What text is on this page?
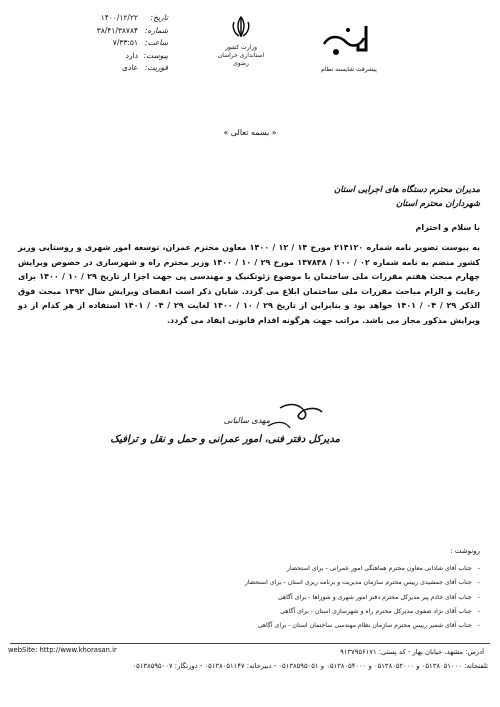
تاریخ:
۱۴۰۰/۱۲/۲۲
شماره:
۳۸/۴۱/۳۸۷۸۴
ساعت:
۷/۳۳:۵۱
پیوست:
دارد
فوریت:
عادی
وزارت کشور
استانداری خراسان رضوی
پیشرفت شایسته نظام
« بسمه تعالی »
مدیران محترم دستگاه های اجرایی استان
شهرداران محترم استان
با سلام و احترام
به پیوست تصویر نامه شماره ۲۱۴۱۲۰ مورخ ۱۴ / ۱۲ / ۱۴۰۰ معاون محترم عمران، توسعه امور شهری و روستایی وزیر کشور منضم به نامه شماره ۰۲ / ۱۰۰ / ۱۴۷۸۳۸ مورخ ۲۹ / ۱۰ / ۱۴۰۰ وزیر محترم راه و شهرسازی در خصوص ویرایش چهارم مبحث هفتم مقررات ملی ساختمان با موضوع ژئوتکنیک و مهندسی پی جهت اجرا از تاریخ ۲۹ / ۱۰ / ۱۴۰۰ برای رعایت و الزام مباحث مقررات ملی ساختمان ابلاغ می گردد. شایان ذکر است انقضای ویرایش سال ۱۳۹۲ مبحث فوق الذکر ۲۹ / ۰۴ / ۱۴۰۱ خواهد بود و بنابراین از تاریخ ۲۹ / ۱۰ / ۱۴۰۰ لغایت ۲۹ / ۰۴ / ۱۴۰۱ استفاده از هر کدام از دو ویرایش مذکور مجاز می باشد. مراتب جهت هرگونه اقدام قانونی ایفاد می گردد.
مهدی سالیانی
مدیرکل دفتر فنی، امور عمرانی و حمل و نقل و ترافیک
رونوشت :
-
جناب آقای شادانی معاون محترم هماهنگی امور عمرانی - برای استحضار
-
جناب آقای جمشیدی رییس محترم سازمان مدیریت و برنامه ریزی استان - برای استحضار
-
جناب آقای خادم پیر مدیرکل محترم دفتر امور شهری و شوراها - برای آگاهی
-
جناب آقای نژاد صفوی مدیرکل محترم راه و شهرسازی استان - برای آگاهی
-
جناب آقای شمیر رییس محترم سازمان نظام مهندسی ساختمان استان - برای آگاهی
آدرس: مشهد، خیابان بهار - کد پستی: ۹۱۳۷۹۵۶۱۷۱
webSite: http://www.khorasan.ir
تلفنخانه: ۰۵۱۳۸۰۵۱۰۰۰ و ۰۵۱۳۸۰۵۲۰۰۰ و ۰۵۱۳۸۰۵۴۰۰۰ و ۰۵۱۳۸۵۹۵۰۵۱ - دبیرخانه: ۰۵۱۳۸۰۵۱۱۴۷ - دورنگار: ۰۵۱۳۸۵۹۵۰۰۷
